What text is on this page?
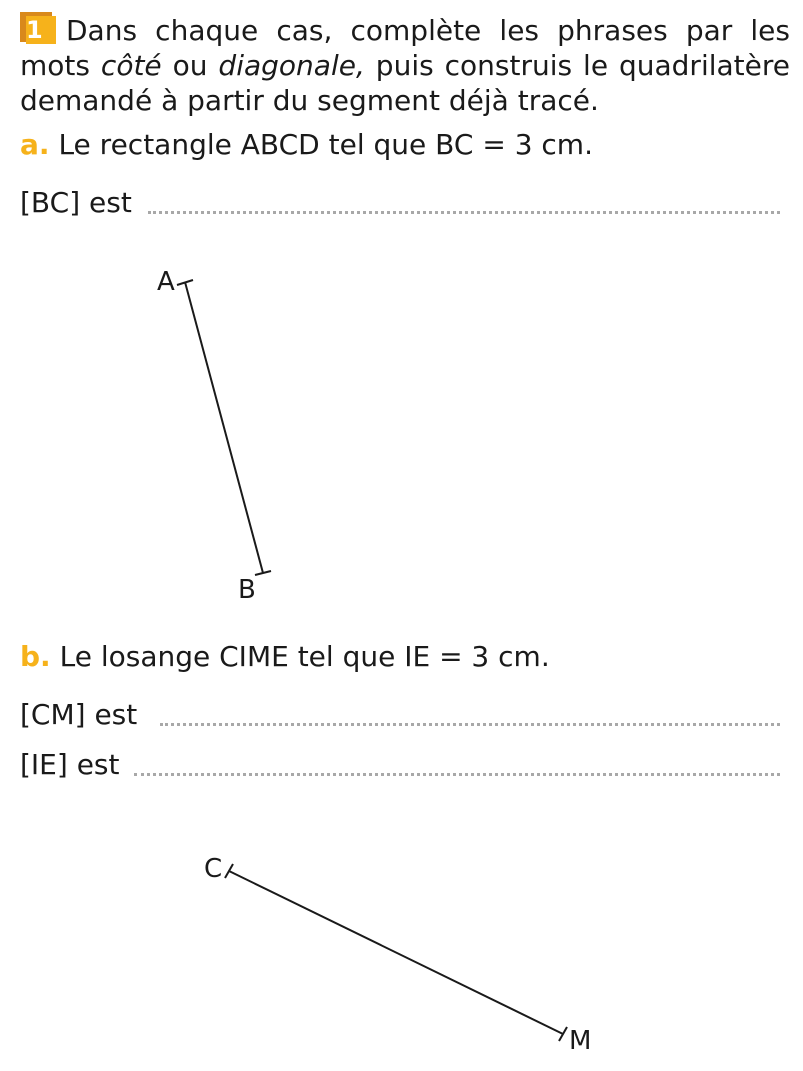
1 Dans chaque cas, complète les phrases par les mots côté ou diagonale, puis construis le quadrilatère demandé à partir du segment déjà tracé.
a. Le rectangle ABCD tel que BC = 3 cm.
[BC] est
A
B
C
M
b. Le losange CIME tel que IE = 3 cm.
[CM] est
[IE] est
